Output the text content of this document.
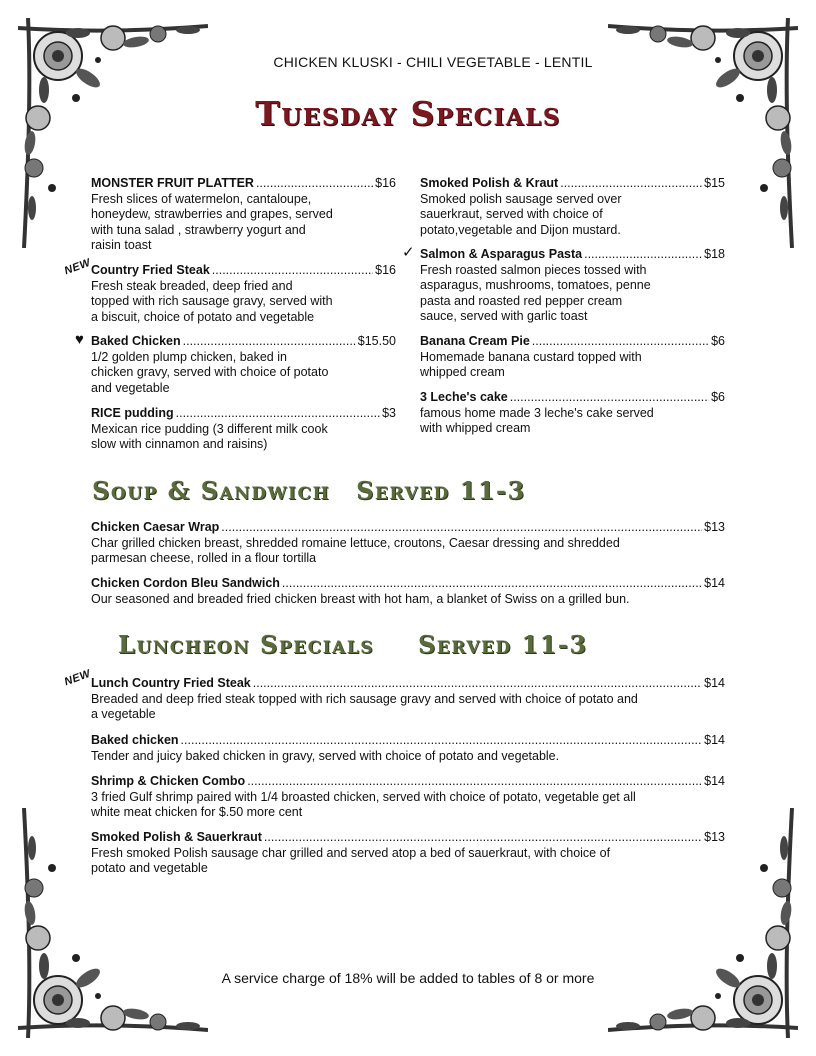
CHICKEN KLUSKI - CHILI VEGETABLE - LENTIL
Tuesday Specials
MONSTER FRUIT PLATTER .....	$16
Fresh slices of watermelon, cantaloupe,
honeydew, strawberries and grapes, served
with tuna salad , strawberry yogurt and
raisin toast
NEW
Country Fried Steak .....	$16
Fresh steak breaded, deep fried and
topped with rich sausage gravy, served with
a biscuit, choice of potato and vegetable
♥ Baked Chicken .....	$15.50
1/2 golden plump chicken, baked in
chicken gravy, served with choice of potato
and vegetable
RICE pudding .....	$3
Mexican rice pudding (3 different milk cook
slow with cinnamon and raisins)
Smoked Polish & Kraut .....	$15
Smoked polish sausage served over
sauerkraut, served with choice of
potato,vegetable and Dijon mustard.
✓ Salmon & Asparagus Pasta .....	$18
Fresh roasted salmon pieces tossed with
asparagus, mushrooms, tomatoes, penne
pasta and roasted red pepper cream
sauce, served with garlic toast
Banana Cream Pie .....	$6
Homemade banana custard topped with
whipped cream
3 Leche's cake .....	$6
famous home made 3 leche's cake served
with whipped cream
Soup & Sandwich Served 11-3
Chicken Caesar Wrap .....	$13
Char grilled chicken breast, shredded romaine lettuce, croutons, Caesar dressing and shredded
parmesan cheese, rolled in a flour tortilla
Chicken Cordon Bleu Sandwich .....	$14
Our seasoned and breaded fried chicken breast with hot ham, a blanket of Swiss on a grilled bun.
Luncheon Specials Served 11-3
NEW
Lunch Country Fried Steak .....	$14
Breaded and deep fried steak topped with rich sausage gravy and served with choice of potato and
a vegetable
Baked chicken .....	$14
Tender and juicy baked chicken in gravy, served with choice of potato and vegetable.
Shrimp & Chicken Combo .....	$14
3 fried Gulf shrimp paired with 1/4 broasted chicken, served with choice of potato, vegetable get all
white meat chicken for $.50 more cent
Smoked Polish & Sauerkraut .....	$13
Fresh smoked Polish sausage char grilled and served atop a bed of sauerkraut, with choice of
potato and vegetable
A service charge of 18% will be added to tables of 8 or more
